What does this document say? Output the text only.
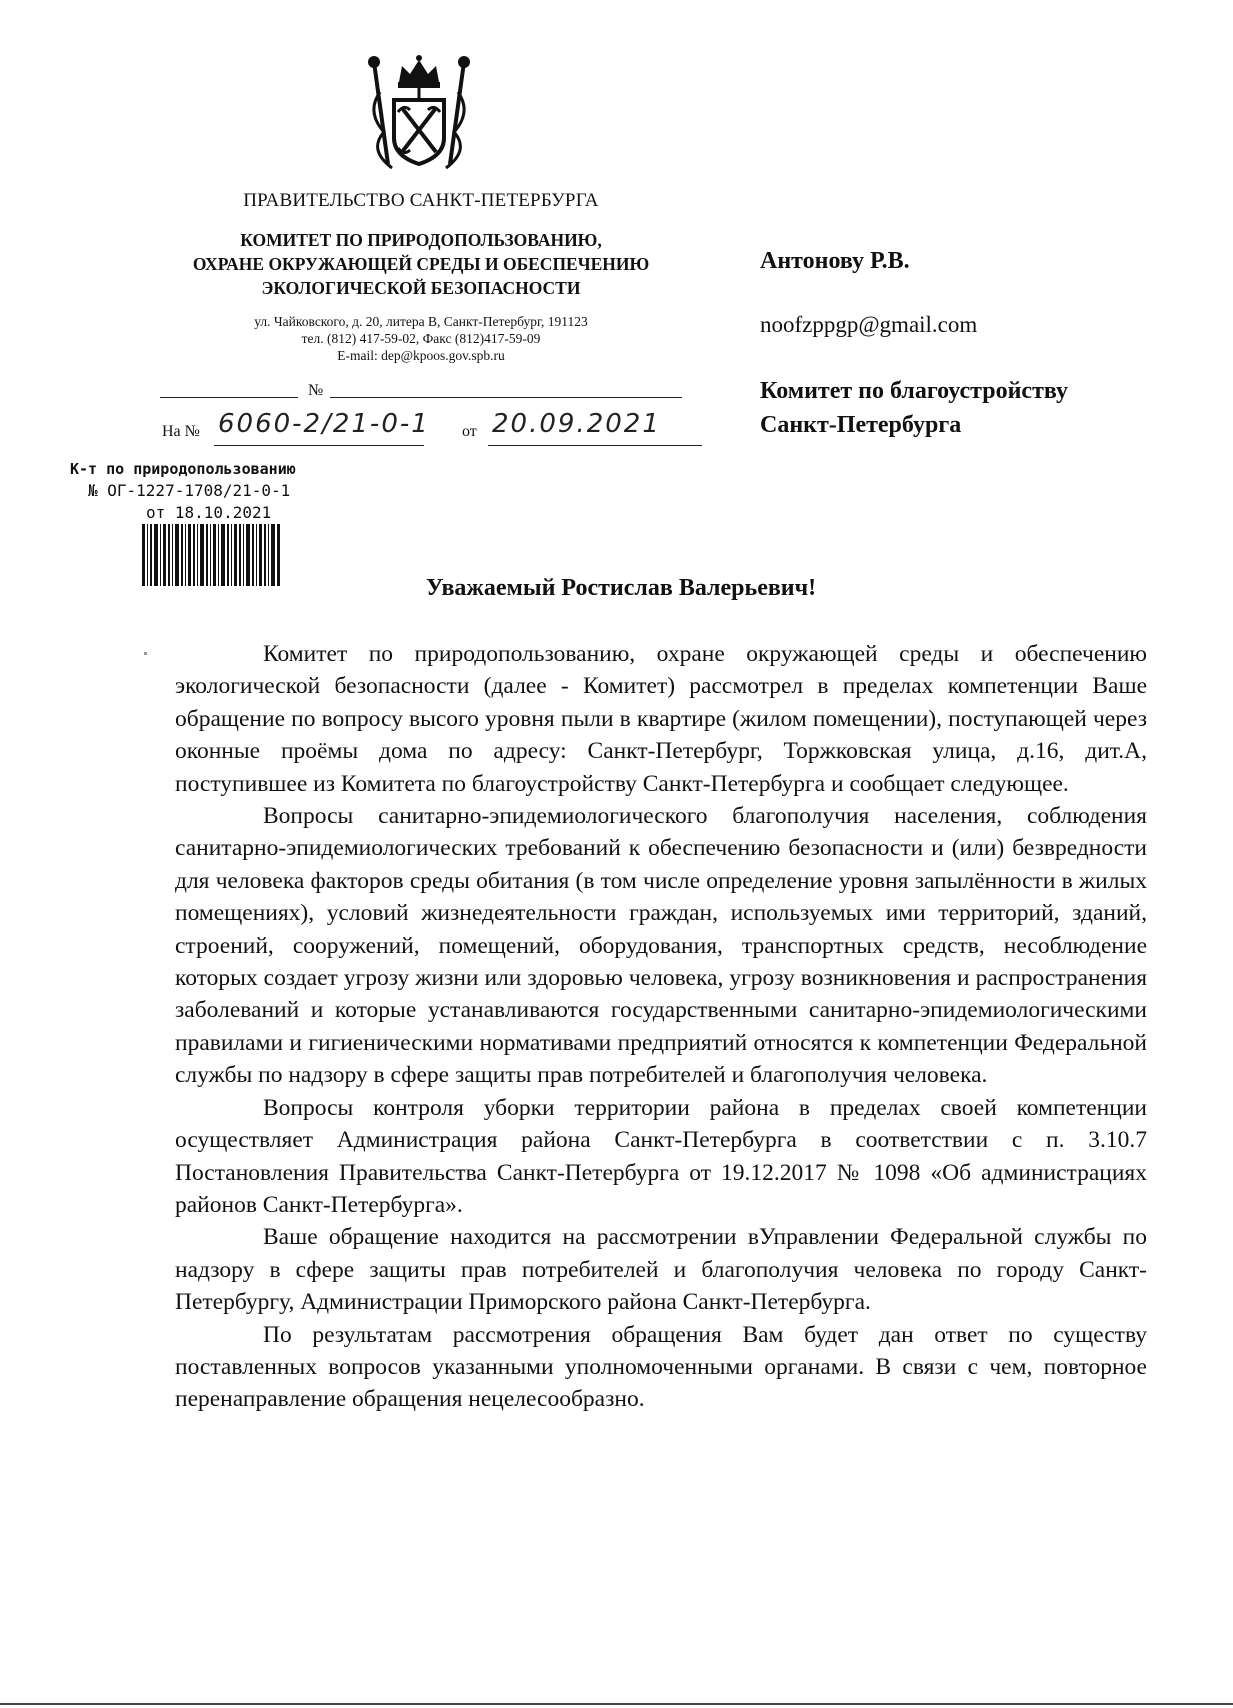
ПРАВИТЕЛЬСТВО САНКТ-ПЕТЕРБУРГА
КОМИТЕТ ПО ПРИРОДОПОЛЬЗОВАНИЮ,
ОХРАНЕ ОКРУЖАЮЩЕЙ СРЕДЫ И ОБЕСПЕЧЕНИЮ
ЭКОЛОГИЧЕСКОЙ БЕЗОПАСНОСТИ
ул. Чайковского, д. 20, литера В, Санкт-Петербург, 191123
тел. (812) 417-59-02, Факс (812)417-59-09
E-mail: dep@kpoos.gov.spb.ru
№
На № 6060-2/21-0-1 от 20.09.2021
К-т по природопользованию
№ ОГ-1227-1708/21-0-1
от 18.10.2021
Антонову Р.В.
noofzppgp@gmail.com
Комитет по благоустройству
Санкт-Петербурга
Уважаемый Ростислав Валерьевич!

Комитет по природопользованию, охране окружающей среды и обеспечению экологической безопасности (далее - Комитет) рассмотрел в пределах компетенции Ваше обращение по вопросу высого уровня пыли в квартире (жилом помещении), поступающей через оконные проёмы дома по адресу: Санкт-Петербург, Торжковская улица, д.16, дит.А, поступившее из Комитета по благоустройству Санкт-Петербурга и сообщает следующее.

Вопросы санитарно-эпидемиологического благополучия населения, соблюдения санитарно-эпидемиологических требований к обеспечению безопасности и (или) безвредности для человека факторов среды обитания (в том числе определение уровня запылённости в жилых помещениях), условий жизнедеятельности граждан, используемых ими территорий, зданий, строений, сооружений, помещений, оборудования, транспортных средств, несоблюдение которых создает угрозу жизни или здоровью человека, угрозу возникновения и распространения заболеваний и которые устанавливаются государственными санитарно-эпидемиологическими правилами и гигиеническими нормативами предприятий относятся к компетенции Федеральной службы по надзору в сфере защиты прав потребителей и благополучия человека.

Вопросы контроля уборки территории района в пределах своей компетенции осуществляет Администрация района Санкт-Петербурга в соответствии с п. 3.10.7 Постановления Правительства Санкт-Петербурга от 19.12.2017 № 1098 «Об администрациях районов Санкт-Петербурга».

Ваше обращение находится на рассмотрении вУправлении Федеральной службы по надзору в сфере защиты прав потребителей и благополучия человека по городу Санкт-Петербургу, Администрации Приморского района Санкт-Петербурга.

По результатам рассмотрения обращения Вам будет дан ответ по существу поставленных вопросов указанными уполномоченными органами. В связи с чем, повторное перенаправление обращения нецелесообразно.
